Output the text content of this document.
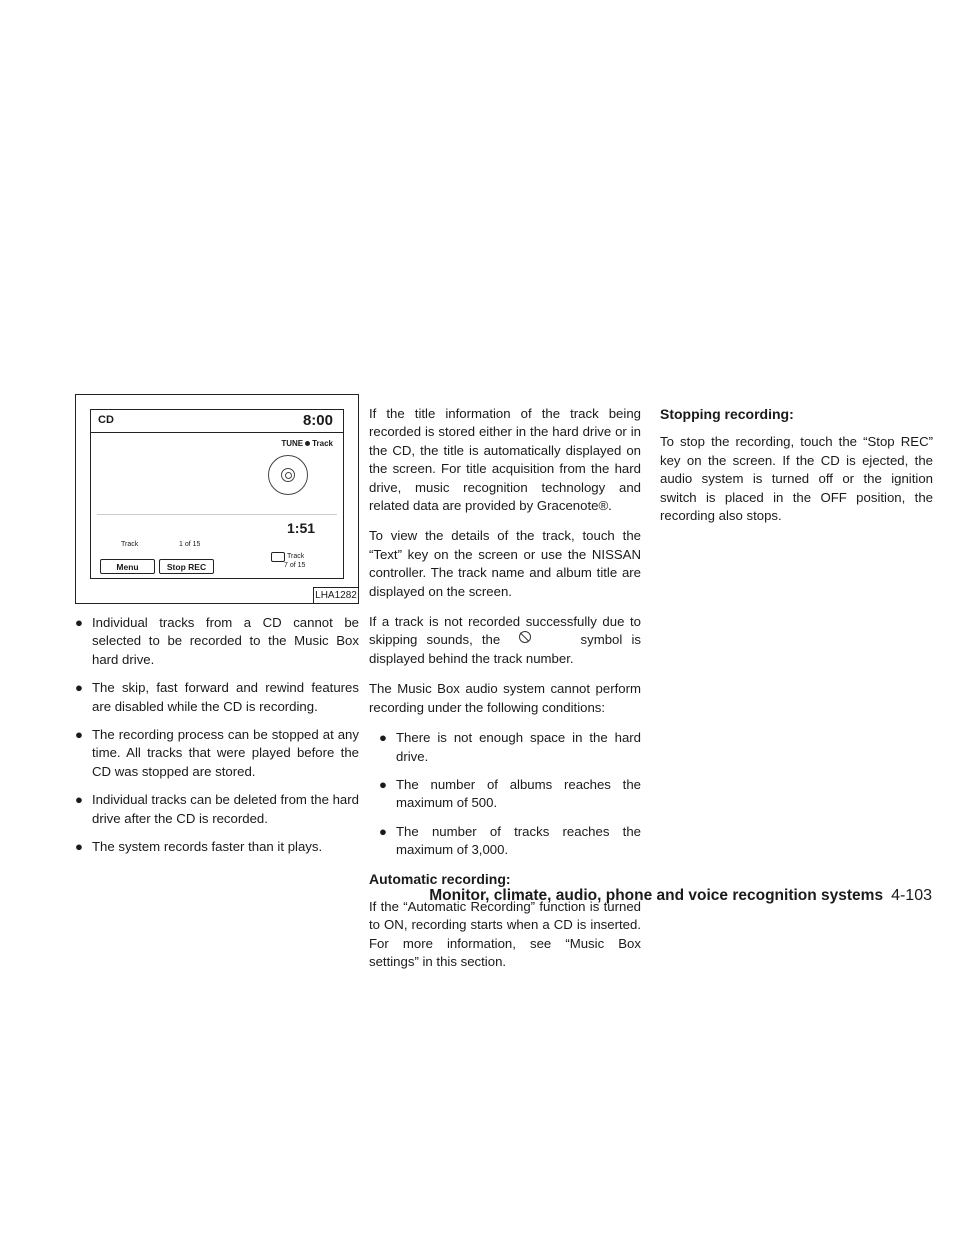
CD	8:00
TUNE Track
1:51
Track	1 of 15
Menu	Stop REC
Track
7 of 15
LHA1282
● Individual tracks from a CD cannot be selected to be recorded to the Music Box hard drive.
● The skip, fast forward and rewind features are disabled while the CD is recording.
● The recording process can be stopped at any time. All tracks that were played before the CD was stopped are stored.
● Individual tracks can be deleted from the hard drive after the CD is recorded.
● The system records faster than it plays.

If the title information of the track being recorded is stored either in the hard drive or in the CD, the title is automatically displayed on the screen. For title acquisition from the hard drive, music recognition technology and related data are provided by Gracenote®.

To view the details of the track, touch the “Text” key on the screen or use the NISSAN controller. The track name and album title are displayed on the screen.

If a track is not recorded successfully due to skipping sounds, the	symbol is displayed behind the track number.

The Music Box audio system cannot perform recording under the following conditions:

● There is not enough space in the hard drive.
● The number of albums reaches the maximum of 500.
● The number of tracks reaches the maximum of 3,000.
Automatic recording:

If the “Automatic Recording” function is turned to ON, recording starts when a CD is inserted. For more information, see “Music Box settings” in this section.

Stopping recording:

To stop the recording, touch the “Stop REC” key on the screen. If the CD is ejected, the audio system is turned off or the ignition switch is placed in the OFF position, the recording also stops.

Monitor, climate, audio, phone and voice recognition systems 4-103
